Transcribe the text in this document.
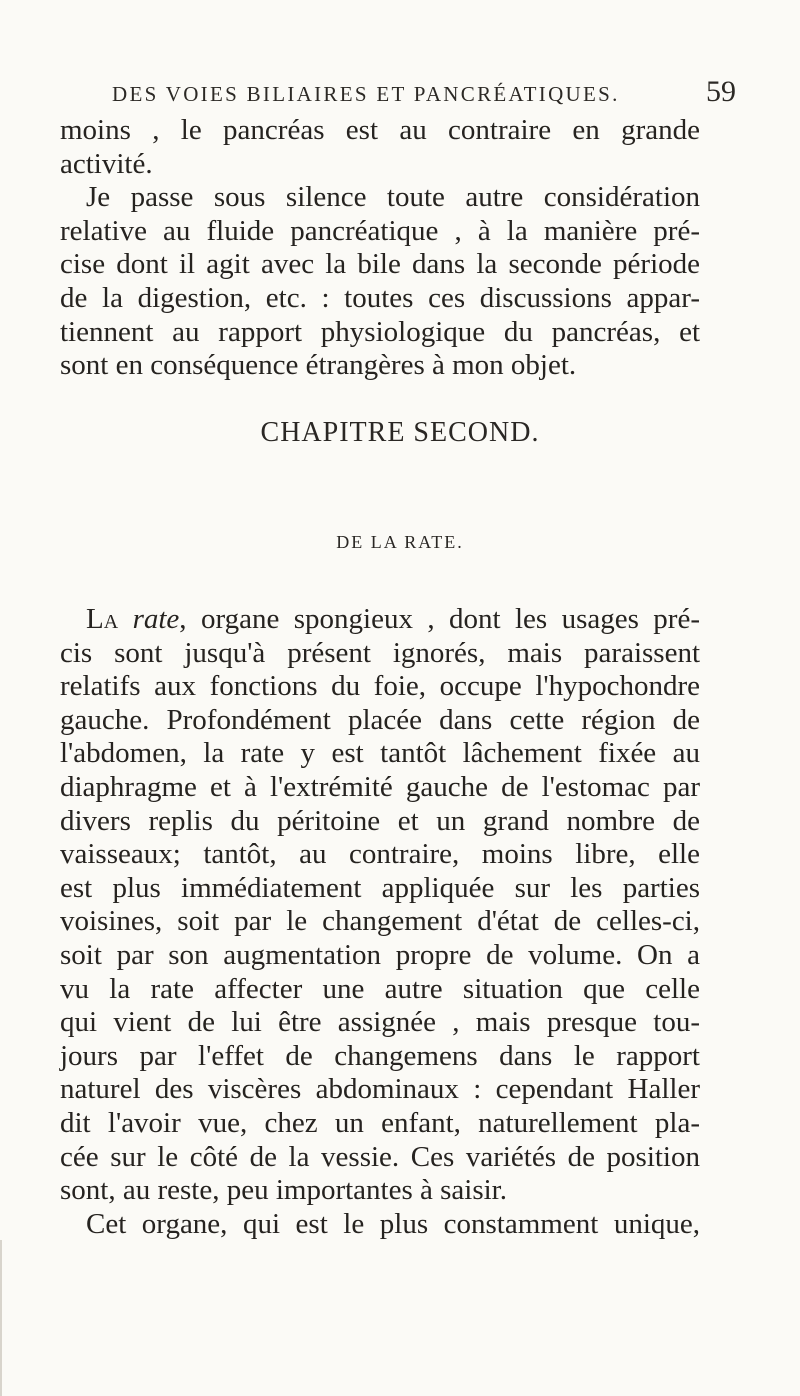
DES VOIES BILIAIRES ET PANCRÉATIQUES.	59
moins , le pancréas est au contraire en grande
activité.
Je passe sous silence toute autre considération
relative au fluide pancréatique , à la manière pré-
cise dont il agit avec la bile dans la seconde période
de la digestion, etc. : toutes ces discussions appar-
tiennent au rapport physiologique du pancréas, et
sont en conséquence étrangères à mon objet.
CHAPITRE SECOND.
DE LA RATE.
La rate, organe spongieux , dont les usages pré-
cis sont jusqu'à présent ignorés, mais paraissent
relatifs aux fonctions du foie, occupe l'hypochondre
gauche. Profondément placée dans cette région de
l'abdomen, la rate y est tantôt lâchement fixée au
diaphragme et à l'extrémité gauche de l'estomac par
divers replis du péritoine et un grand nombre de
vaisseaux; tantôt, au contraire, moins libre, elle
est plus immédiatement appliquée sur les parties
voisines, soit par le changement d'état de celles-ci,
soit par son augmentation propre de volume. On a
vu la rate affecter une autre situation que celle
qui vient de lui être assignée , mais presque tou-
jours par l'effet de changemens dans le rapport
naturel des viscères abdominaux : cependant Haller
dit l'avoir vue, chez un enfant, naturellement pla-
cée sur le côté de la vessie. Ces variétés de position
sont, au reste, peu importantes à saisir.
Cet organe, qui est le plus constamment unique,
